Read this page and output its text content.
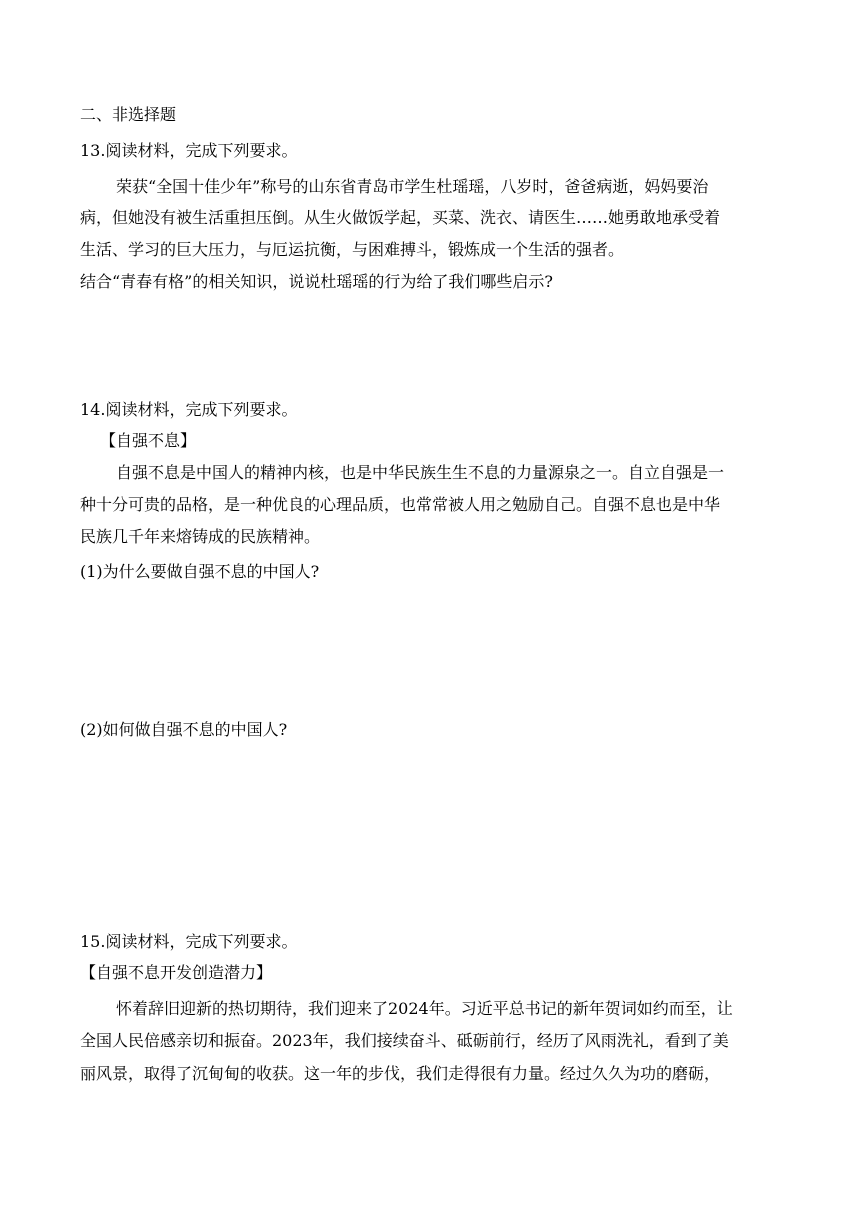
二、非选择题
13.阅读材料，完成下列要求。
荣获“全国十佳少年”称号的山东省青岛市学生杜瑶瑶，八岁时，爸爸病逝，妈妈要治
病，但她没有被生活重担压倒。从生火做饭学起，买菜、洗衣、请医生……她勇敢地承受着
生活、学习的巨大压力，与厄运抗衡，与困难搏斗，锻炼成一个生活的强者。
结合“青春有格”的相关知识，说说杜瑶瑶的行为给了我们哪些启示?
14.阅读材料，完成下列要求。
【自强不息】
自强不息是中国人的精神内核，也是中华民族生生不息的力量源泉之一。自立自强是一
种十分可贵的品格，是一种优良的心理品质，也常常被人用之勉励自己。自强不息也是中华
民族几千年来熔铸成的民族精神。
(1)为什么要做自强不息的中国人?
(2)如何做自强不息的中国人?
15.阅读材料，完成下列要求。
【自强不息开发创造潜力】
怀着辞旧迎新的热切期待，我们迎来了2024年。习近平总书记的新年贺词如约而至，让
全国人民倍感亲切和振奋。2023年，我们接续奋斗、砥砺前行，经历了风雨洗礼，看到了美
丽风景，取得了沉甸甸的收获。这一年的步伐，我们走得很有力量。经过久久为功的磨砺，
